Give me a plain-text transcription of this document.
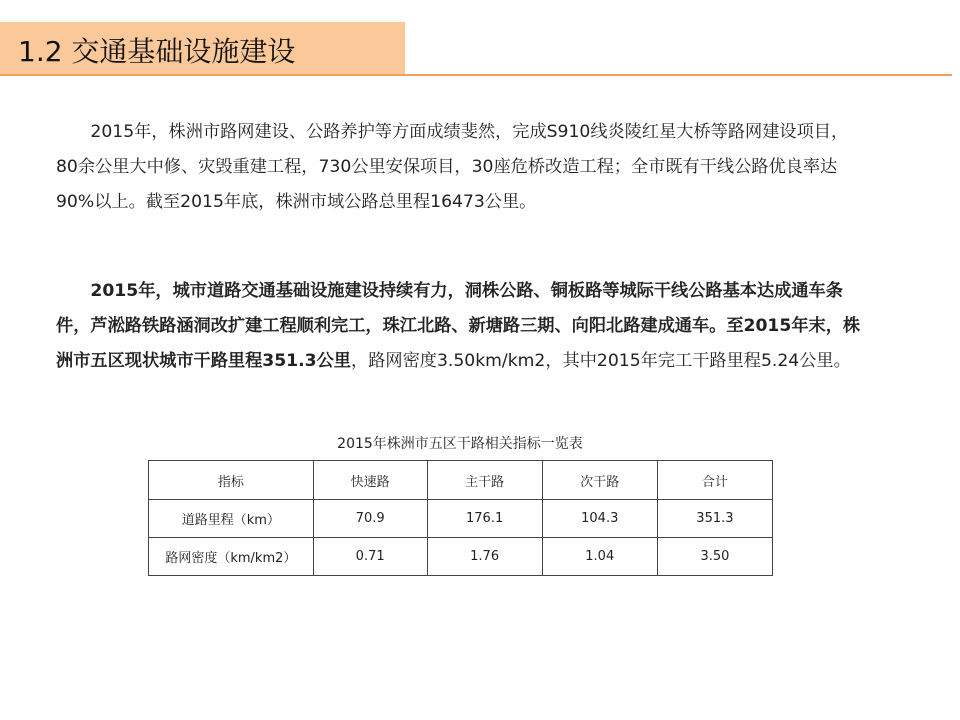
1.2 交通基础设施建设

2015年，株洲市路网建设、公路养护等方面成绩斐然，完成S910线炎陵红星大桥等路网建设项目，80余公里大中修、灾毁重建工程，730公里安保项目，30座危桥改造工程；全市既有干线公路优良率达90%以上。截至2015年底，株洲市域公路总里程16473公里。

2015年，城市道路交通基础设施建设持续有力，洞株公路、铜板路等城际干线公路基本达成通车条件，芦淞路铁路涵洞改扩建工程顺利完工，珠江北路、新塘路三期、向阳北路建成通车。至2015年末，株洲市五区现状城市干路里程351.3公里，路网密度3.50km/km2，其中2015年完工干路里程5.24公里。

2015年株洲市五区干路相关指标一览表
指标	快速路	主干路	次干路	合计
道路里程（km）	70.9	176.1	104.3	351.3
路网密度（km/km2）	0.71	1.76	1.04	3.50
